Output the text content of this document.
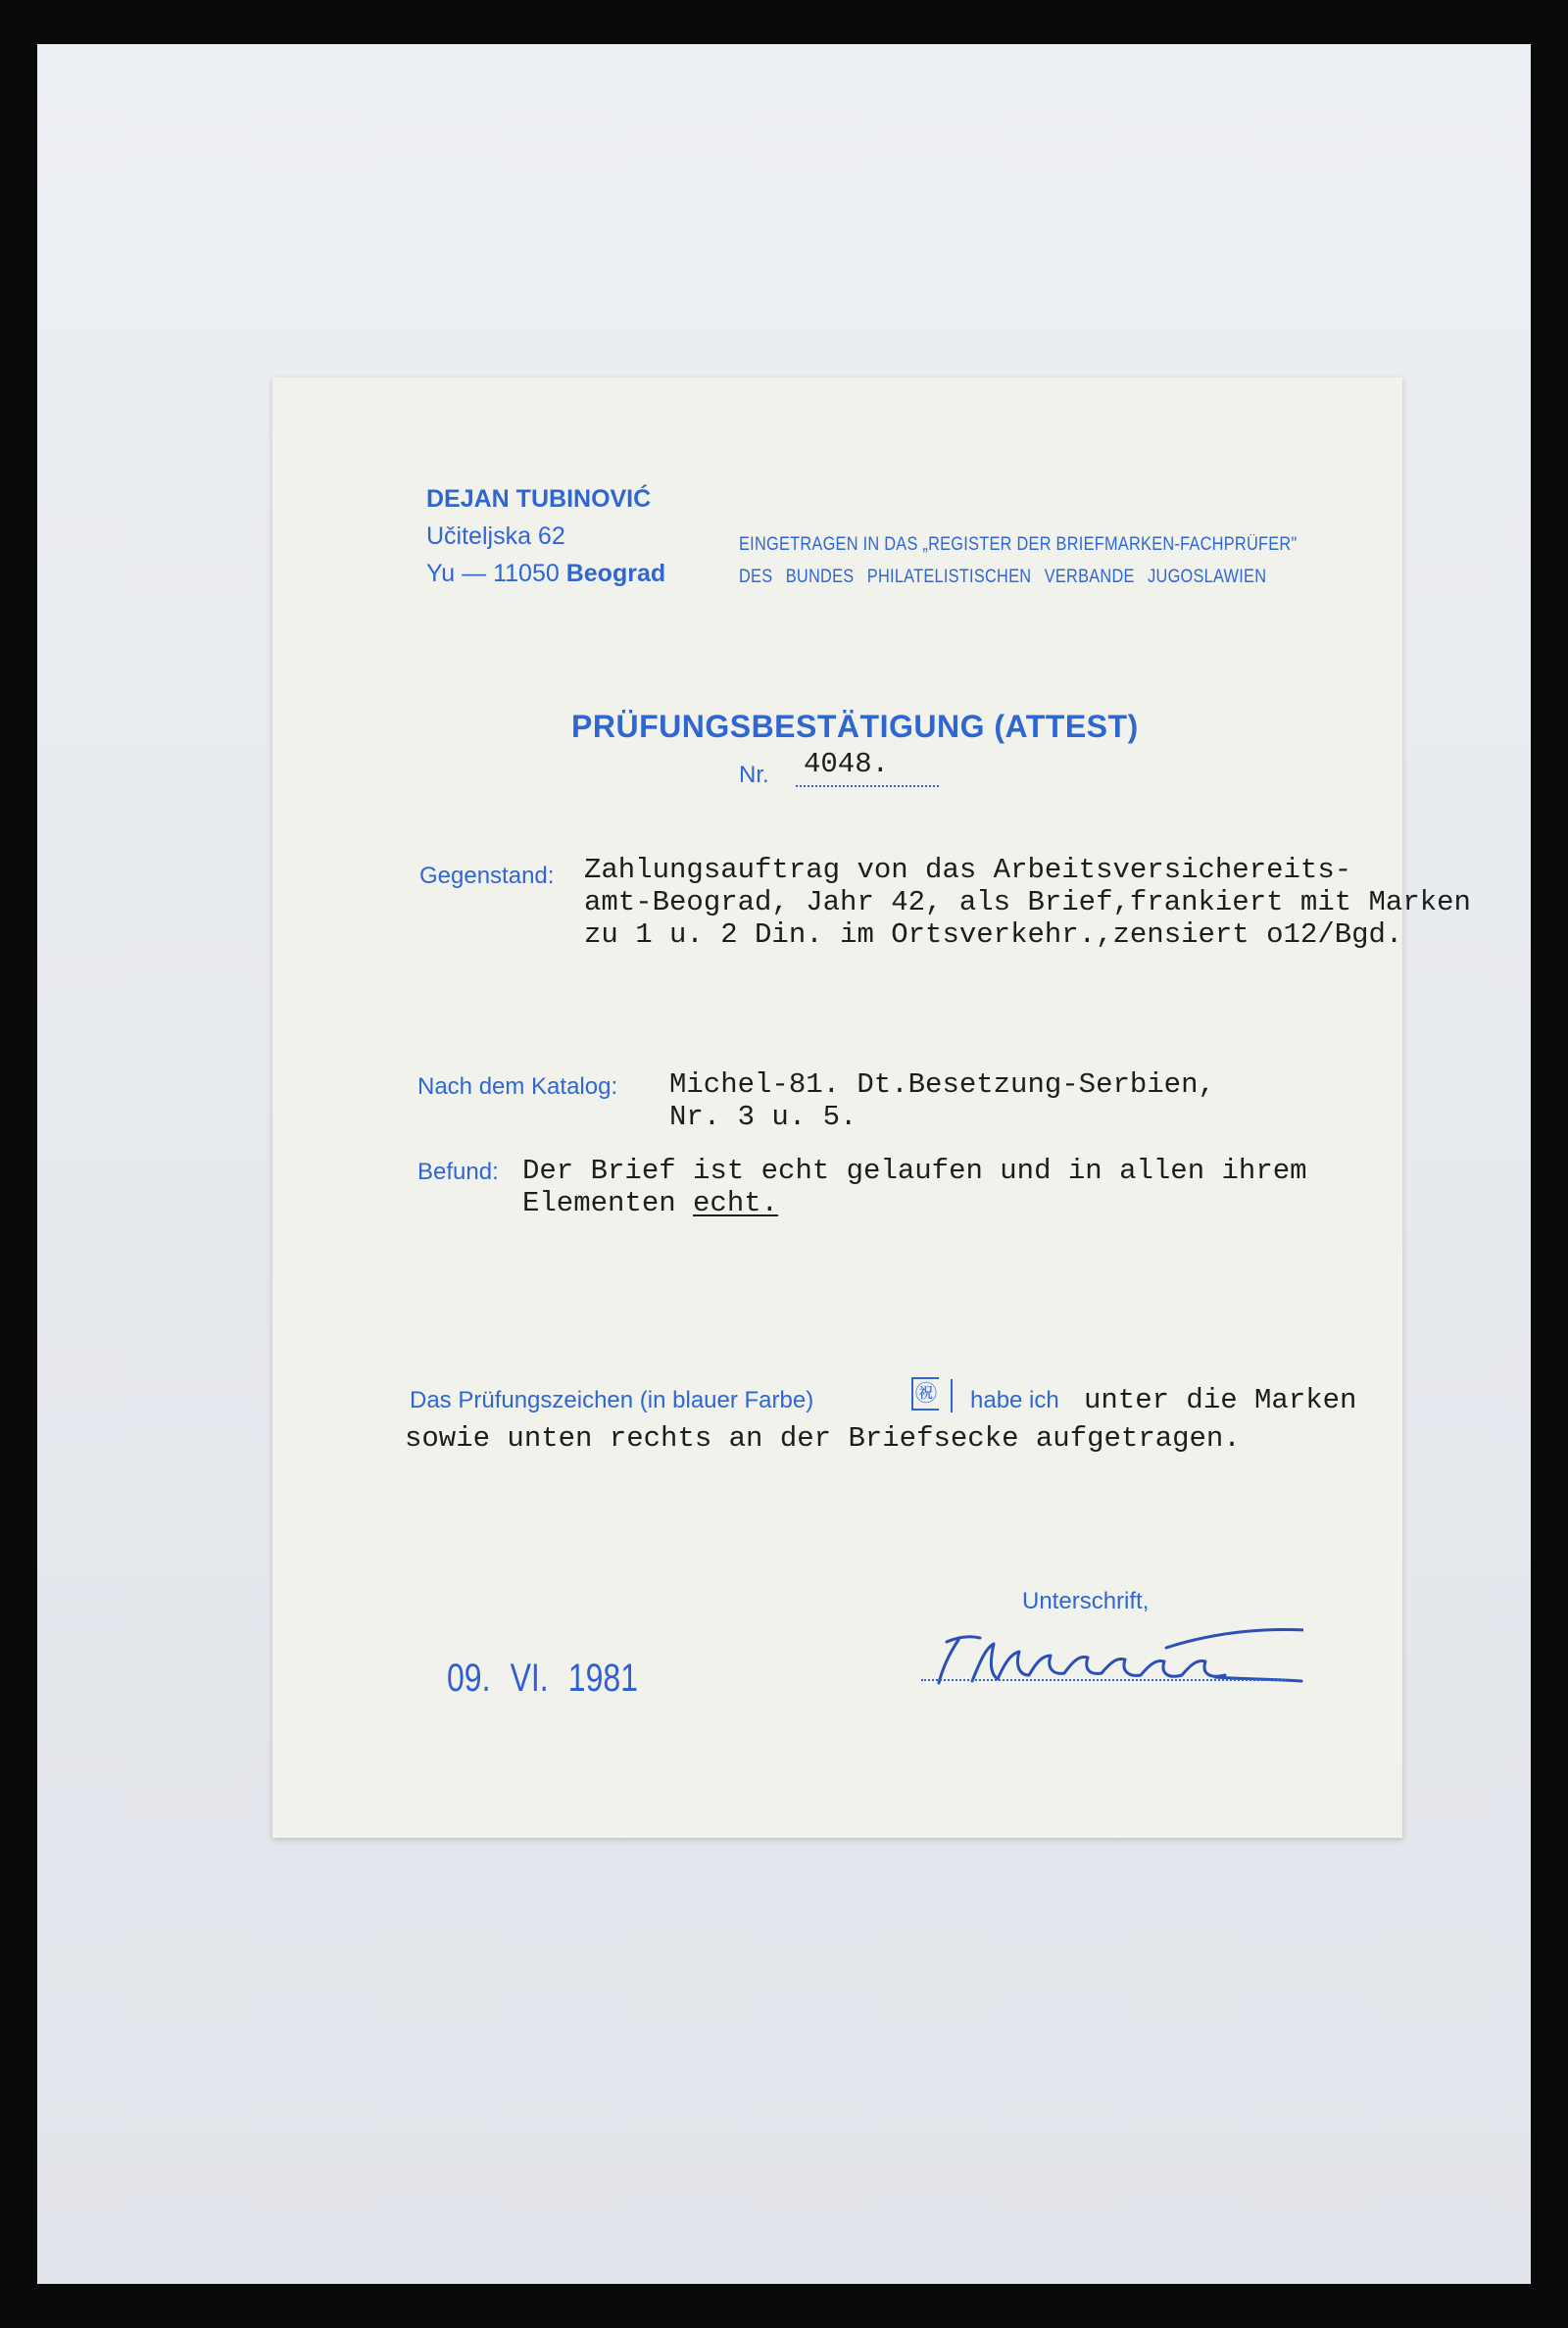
DEJAN TUBINOVIĆ
Učiteljska 62
Yu — 11050 Beograd
EINGETRAGEN IN DAS „REGISTER DER BRIEFMARKEN-FACHPRÜFER"
DES BUNDES PHILATELISTISCHEN VERBANDE JUGOSLAWIEN
PRÜFUNGSBESTÄTIGUNG (ATTEST)
Nr. 4048.
Gegenstand: Zahlungsauftrag von das Arbeitsversichereits-
amt-Beograd, Jahr 42, als Brief,frankiert mit Marken
zu 1 u. 2 Din. im Ortsverkehr.,zensiert o12/Bgd.
Nach dem Katalog: Michel-81. Dt.Besetzung-Serbien,
Nr. 3 u. 5.
Befund: Der Brief ist echt gelaufen und in allen ihrem
Elementen echt.
Das Prüfungszeichen (in blauer Farbe)	㊗ habe ich unter die Marken
sowie unten rechts an der Briefsecke aufgetragen.
Unterschrift,
09. VI. 1981
